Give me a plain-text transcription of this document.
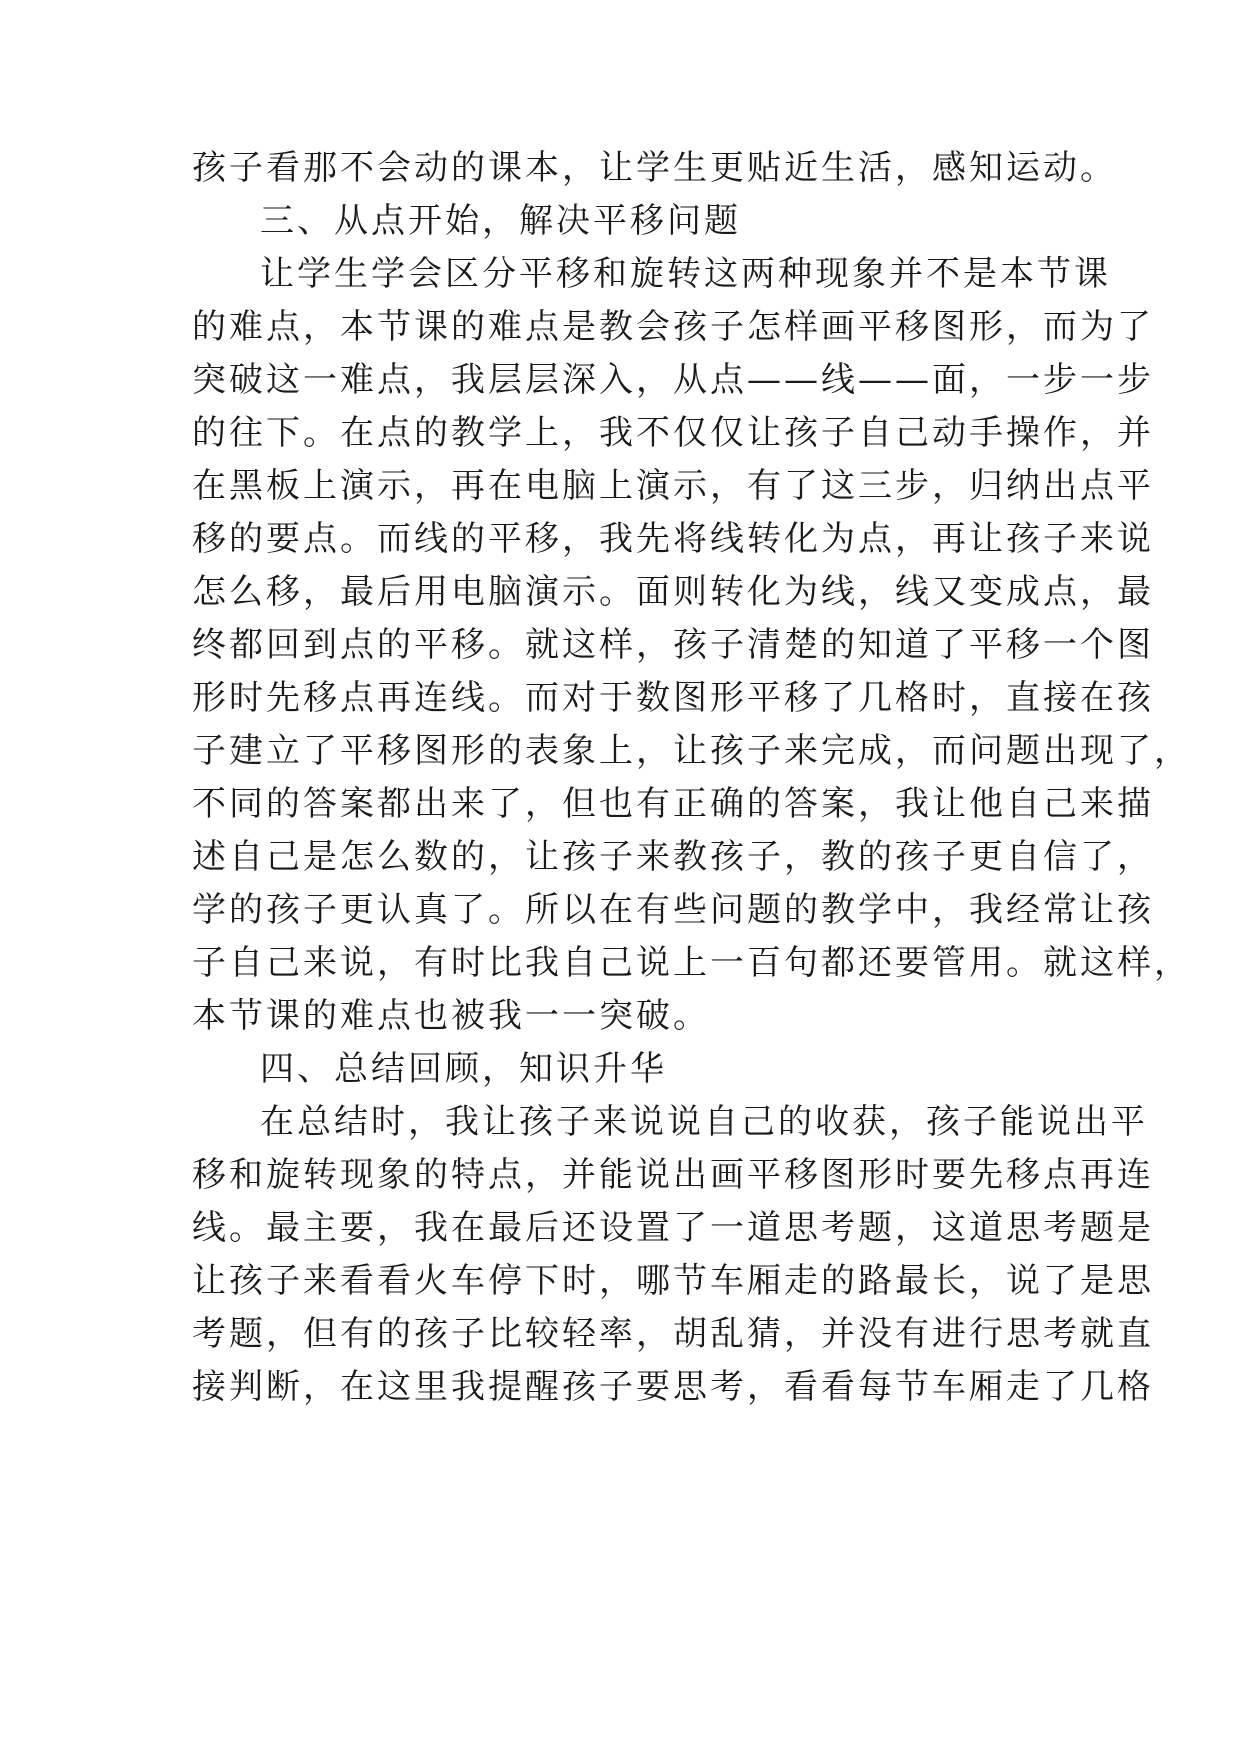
孩子看那不会动的课本，让学生更贴近生活，感知运动。

三、从点开始，解决平移问题

让学生学会区分平移和旋转这两种现象并不是本节课

的难点，本节课的难点是教会孩子怎样画平移图形，而为了

突破这一难点，我层层深入，从点——线——面，一步一步

的往下。在点的教学上，我不仅仅让孩子自己动手操作，并

在黑板上演示，再在电脑上演示，有了这三步，归纳出点平

移的要点。而线的平移，我先将线转化为点，再让孩子来说

怎么移，最后用电脑演示。面则转化为线，线又变成点，最

终都回到点的平移。就这样，孩子清楚的知道了平移一个图

形时先移点再连线。而对于数图形平移了几格时，直接在孩

子建立了平移图形的表象上，让孩子来完成，而问题出现了，

不同的答案都出来了，但也有正确的答案，我让他自己来描

述自己是怎么数的，让孩子来教孩子，教的孩子更自信了，

学的孩子更认真了。所以在有些问题的教学中，我经常让孩

子自己来说，有时比我自己说上一百句都还要管用。就这样，

本节课的难点也被我一一突破。

四、总结回顾，知识升华

在总结时，我让孩子来说说自己的收获，孩子能说出平

移和旋转现象的特点，并能说出画平移图形时要先移点再连

线。最主要，我在最后还设置了一道思考题，这道思考题是

让孩子来看看火车停下时，哪节车厢走的路最长，说了是思

考题，但有的孩子比较轻率，胡乱猜，并没有进行思考就直

接判断，在这里我提醒孩子要思考，看看每节车厢走了几格
